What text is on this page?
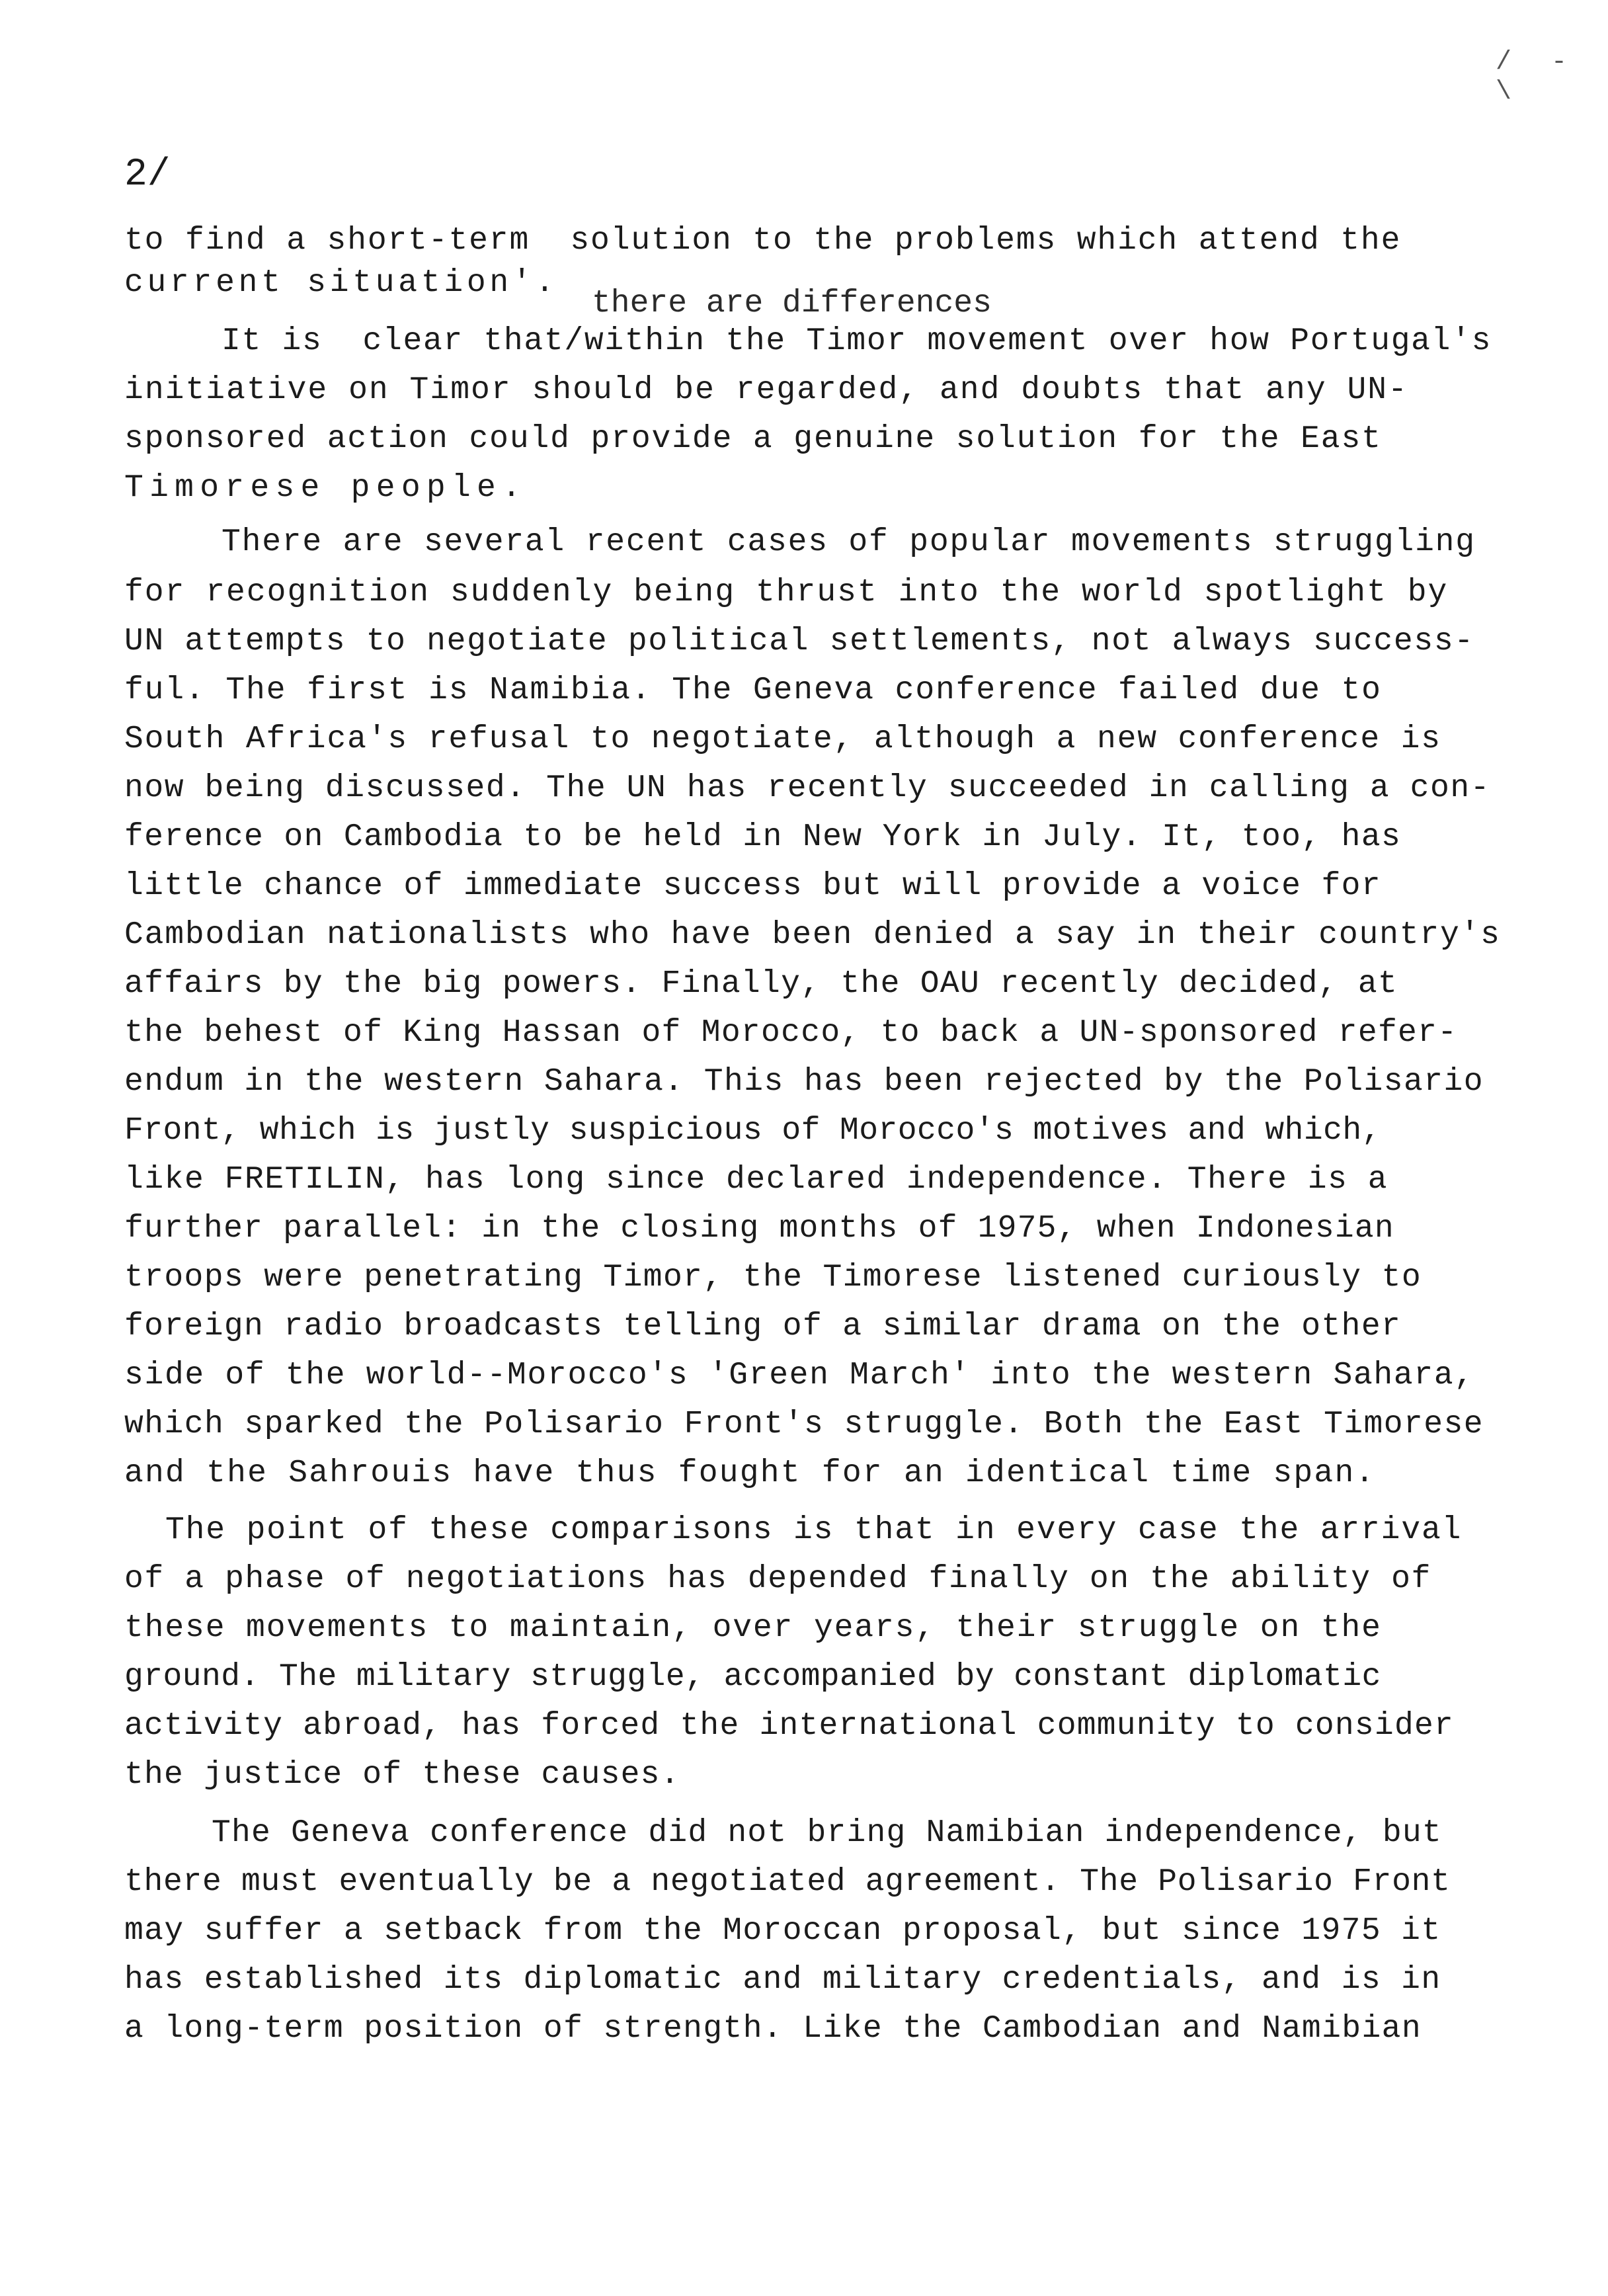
/ - \
2/
there are differences
to find a short-term  solution to the problems which attend the
current situation'.
It is  clear that/within the Timor movement over how Portugal's
initiative on Timor should be regarded, and doubts that any UN-
sponsored action could provide a genuine solution for the East
Timorese people.
There are several recent cases of popular movements struggling
for recognition suddenly being thrust into the world spotlight by
UN attempts to negotiate political settlements, not always success-
ful. The first is Namibia. The Geneva conference failed due to
South Africa's refusal to negotiate, although a new conference is
now being discussed. The UN has recently succeeded in calling a con-
ference on Cambodia to be held in New York in July. It, too, has
little chance of immediate success but will provide a voice for
Cambodian nationalists who have been denied a say in their country's
affairs by the big powers. Finally, the OAU recently decided, at
the behest of King Hassan of Morocco, to back a UN-sponsored refer-
endum in the western Sahara. This has been rejected by the Polisario
Front, which is justly suspicious of Morocco's motives and which,
like FRETILIN, has long since declared independence. There is a
further parallel: in the closing months of 1975, when Indonesian
troops were penetrating Timor, the Timorese listened curiously to
foreign radio broadcasts telling of a similar drama on the other
side of the world--Morocco's 'Green March' into the western Sahara,
which sparked the Polisario Front's struggle. Both the East Timorese
and the Sahrouis have thus fought for an identical time span.
The point of these comparisons is that in every case the arrival
of a phase of negotiations has depended finally on the ability of
these movements to maintain, over years, their struggle on the
ground. The military struggle, accompanied by constant diplomatic
activity abroad, has forced the international community to consider
the justice of these causes.
The Geneva conference did not bring Namibian independence, but
there must eventually be a negotiated agreement. The Polisario Front
may suffer a setback from the Moroccan proposal, but since 1975 it
has established its diplomatic and military credentials, and is in
a long-term position of strength. Like the Cambodian and Namibian
